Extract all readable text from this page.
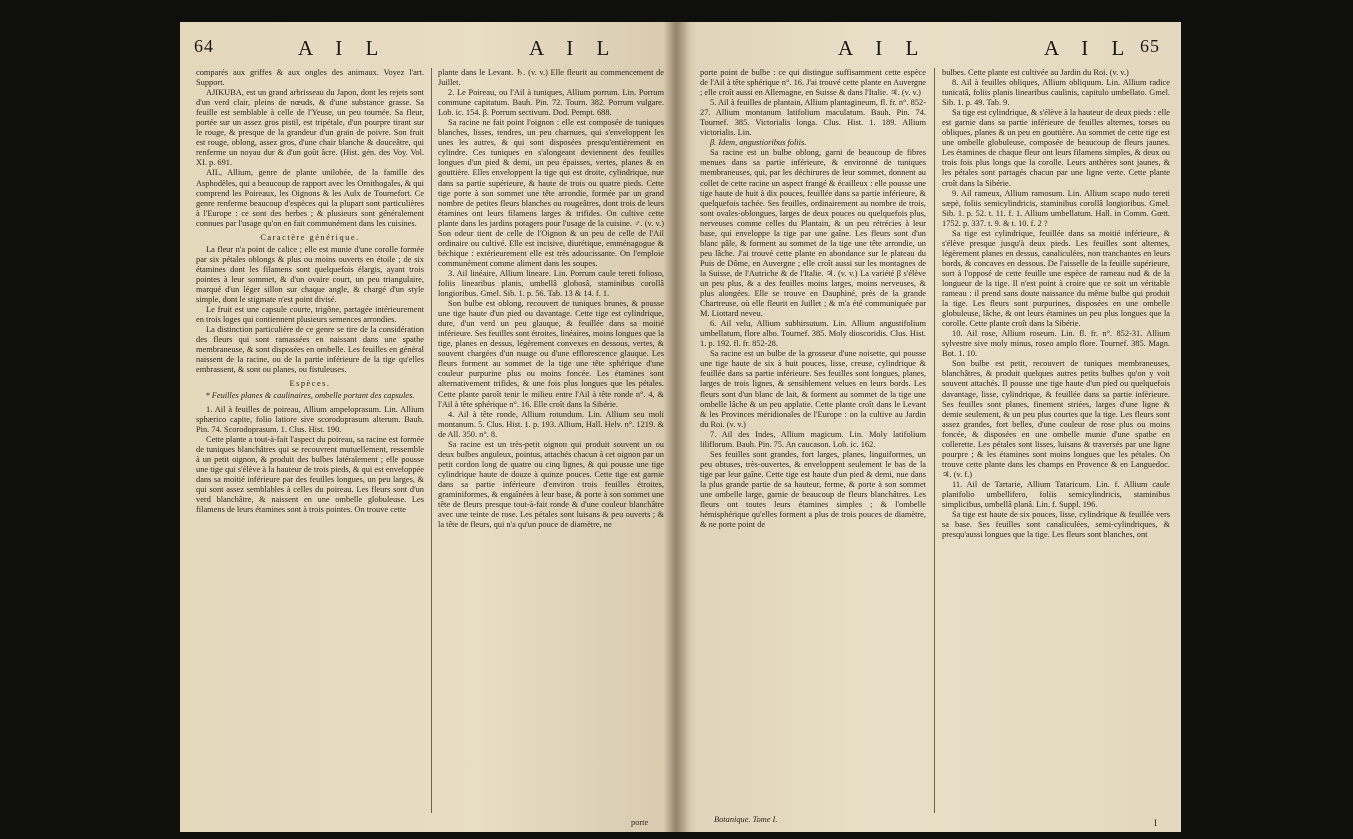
64	A I L	A I L

comparés aux griffes & aux ongles des animaux. Voyez l'art. Support.

AJIKUBA, est un grand arbrisseau du Japon, dont les rejets sont d'un verd clair, pleins de nœuds, & d'une substance grasse. Sa feuille est semblable à celle de l'Yeuse, un peu tournée. Sa fleur, portée sur un assez gros pistil, est tripétale, d'un pourpre tirant sur le rouge, & presque de la grandeur d'un grain de poivre. Son fruit est rouge, oblong, assez gros, d'une chair blanche & douceâtre, qui renferme un noyau dur & d'un goût âcre. (Hist. gén. des Voy. Vol. XI. p. 691.

AIL, Allium, genre de plante unilobée, de la famille des Asphodèles, qui a beaucoup de rapport avec les Ornithogales, & qui comprend les Poireaux, les Oignons & les Aulx de Tournefort. Ce genre renferme beaucoup d'espèces qui la plupart sont particulières à l'Europe : ce sont des herbes ; & plusieurs sont généralement connues par l'usage qu'on en fait communément dans les cuisines.

Caractère générique.

La fleur n'a point de calice ; elle est munie d'une corolle formée par six pétales oblongs & plus ou moins ouverts en étoile ; de six étamines dont les filamens sont quelquefois élargis, ayant trois pointes à leur sommet, & d'un ovaire court, un peu triangulaire, marqué d'un léger sillon sur chaque angle, & chargé d'un style simple, dont le stigmate n'est point divisé.

Le fruit est une capsule courte, trigône, partagée intérieurement en trois loges qui contiennent plusieurs semences arrondies.

La distinction particulière de ce genre se tire de la considération des fleurs qui sont ramassées en naissant dans une spathe membraneuse, & sont disposées en ombelle. Les feuilles en général naissent de la racine, ou de la partie inférieure de la tige qu'elles embrassent, & sont ou planes, ou fistuleuses.

Espèces.

* Feuilles planes & caulinaires, ombelle portant des capsules.

1. Ail à feuilles de poireau, Allium ampeloprasum. Lin. Allium sphærico capite, folio latiore sive scorodoprasum alterum. Bauh. Pin. 74. Scorodoprasum. 1. Clus. Hist. 190.

Cette plante a tout-à-fait l'aspect du poireau, sa racine est formée de tuniques blanchâtres qui se recouvrent mutuellement, ressemble à un petit oignon, & produit des bulbes latéralement ; elle pousse une tige qui s'élève à la hauteur de trois pieds, & qui est enveloppée dans sa moitié inférieure par des feuilles longues, un peu larges, & qui sont assez semblables à celles du poireau. Les fleurs sont d'un verd blanchâtre, & naissent en une ombelle globuleuse. Les filamens de leurs étamines sont à trois pointes. On trouve cette

plante dans le Levant. ♄. (v. v.) Elle fleurit au commencement de Juillet.

2. Le Poireau, ou l'Ail à tuniques, Allium porrum. Lin. Porrum commune capitatum. Bauh. Pin. 72. Tourn. 382. Porrum vulgare. Lob. ic. 154. β. Porrum sectivum. Dod. Pempt. 688.

Sa racine ne fait point l'oignon : elle est composée de tuniques blanches, lisses, tendres, un peu charnues, qui s'enveloppent les unes les autres, & qui sont disposées presqu'entièrement en cylindre. Ces tuniques en s'alongeant deviennent des feuilles longues d'un pied & demi, un peu épaisses, vertes, planes & en gouttière. Elles enveloppent la tige qui est droite, cylindrique, nue dans sa partie supérieure, & haute de trois ou quatre pieds. Cette tige porte à son sommet une tête arrondie, formée par un grand nombre de petites fleurs blanches ou rougeâtres, dont trois de leurs étamines ont leurs filamens larges & trifides. On cultive cette plante dans les jardins potagers pour l'usage de la cuisine. ♂. (v. v.) Son odeur tient de celle de l'Oignon & un peu de celle de l'Ail ordinaire ou cultivé. Elle est incisive, diurétique, emménagogue & béchique : extérieurement elle est très adoucissante. On l'emploie communément comme aliment dans les soupes.

3. Ail linéaire, Allium lineare. Lin. Porrum caule tereti folioso, foliis linearibus planis, umbellâ globosâ, staminibus corollâ longioribus. Gmel. Sib. 1. p. 56. Tab. 13 & 14. f. 1.

Son bulbe est oblong, recouvert de tuniques brunes, & pousse une tige haute d'un pied ou davantage. Cette tige est cylindrique, dure, d'un verd un peu glauque, & feuillée dans sa moitié inférieure. Ses feuilles sont étroites, linéaires, moins longues que la tige, planes en dessus, légèrement convexes en dessous, vertes, & souvent chargées d'un nuage ou d'une efflorescence glauque. Les fleurs forment au sommet de la tige une tête sphérique d'une couleur purpurine plus ou moins foncée. Les étamines sont alternativement trifides, & une fois plus longues que les pétales. Cette plante paroît tenir le milieu entre l'Ail à tête ronde n°. 4, & l'Ail à tête sphérique n°. 16. Elle croît dans la Sibérie.

4. Ail à tête ronde, Allium rotundum. Lin. Allium seu moli montanum. 5. Clus. Hist. 1. p. 193. Allium, Hall. Helv. n°. 1219. & de All. 350. n°. 8.

Sa racine est un très-petit oignon qui produit souvent un ou deux bulbes anguleux, pointus, attachés chacun à cet oignon par un petit cordon long de quatre ou cinq lignes, & qui pousse une tige cylindrique haute de douze à quinze pouces. Cette tige est garnie dans sa partie inférieure d'environ trois feuilles étroites, graminiformes, & engaînées à leur base, & porte à son sommet une tête de fleurs presque tout-à-fait ronde & d'une couleur blanchâtre avec une teinte de rose. Les pétales sont luisans & peu ouverts ; & la tête de fleurs, qui n'a qu'un pouce de diamètre, ne

porte
A I L	A I L 65

porte point de bulbe : ce qui distingue suffisamment cette espèce de l'Ail à tête sphérique n°. 16. J'ai trouvé cette plante en Auvergne ; elle croît aussi en Allemagne, en Suisse & dans l'Italie. ♃. (v. v.)

5. Ail à feuilles de plantain, Allium plantagineum, fl. fr. n°. 852-27. Allium montanum latifolium maculatum. Bauh. Pin. 74. Tournef. 385. Victorialis longa. Clus. Hist. 1. 189. Allium victorialis. Lin.

β. Idem, angustioribus foliis.

Sa racine est un bulbe oblong, garni de beaucoup de fibres menues dans sa partie inférieure, & environné de tuniques membraneuses, qui, par les déchirures de leur sommet, donnent au collet de cette racine un aspect frangé & écailleux : elle pousse une tige haute de huit à dix pouces, feuillée dans sa partie inférieure, & quelquefois tachée. Ses feuilles, ordinairement au nombre de trois, sont ovales-oblongues, larges de deux pouces ou quelquefois plus, nerveuses comme celles du Plantain, & un peu rétrécies à leur base, qui enveloppe la tige par une gaîne. Les fleurs sont d'un blanc pâle, & forment au sommet de la tige une tête arrondie, un peu lâche. J'ai trouvé cette plante en abondance sur le plateau du Puis de Dôme, en Auvergne ; elle croît aussi sur les montagnes de la Suisse, de l'Autriche & de l'Italie. ♃. (v. v.) La variété β s'élève un peu plus, & a des feuilles moins larges, moins nerveuses, & plus alongées. Elle se trouve en Dauphiné, près de la grande Chartreuse, où elle fleurit en Juillet ; & m'a été communiquée par M. Liottard neveu.

6. Ail velu, Allium subhirsutum. Lin. Allium angustifolium umbellatum, flore albo. Tournef. 385. Moly dioscoridis. Clus. Hist. 1. p. 192. fl. fr. 852-28.

Sa racine est un bulbe de la grosseur d'une noisette, qui pousse une tige haute de six à huit pouces, lisse, creuse, cylindrique & feuillée dans sa partie inférieure. Ses feuilles sont longues, planes, larges de trois lignes, & sensiblement velues en leurs bords. Les fleurs sont d'un blanc de lait, & forment au sommet de la tige une ombelle lâche & un peu applatie. Cette plante croît dans le Levant & les Provinces méridionales de l'Europe : on la cultive au Jardin du Roi. (v. v.)

7. Ail des Indes, Allium magicum. Lin. Moly latifolium liliflorum. Bauh. Pin. 75. An caucason. Lob. ic. 162.

Ses feuilles sont grandes, fort larges, planes, linguiformes, un peu obtuses, très-ouvertes, & enveloppent seulement le bas de la tige par leur gaîne. Cette tige est haute d'un pied & demi, nue dans la plus grande partie de sa hauteur, ferme, & porte à son sommet une ombelle large, garnie de beaucoup de fleurs blanchâtres. Les fleurs ont toutes leurs étamines simples ; & l'ombelle hémisphérique qu'elles forment a plus de trois pouces de diamètre, & ne porte point de

Botanique. Tome I.

bulbes. Cette plante est cultivée au Jardin du Roi. (v. v.)

8. Ail à feuilles obliques, Allium obliquum. Lin. Allium radice tunicatâ, foliis planis linearibus caulinis, capitulo umbellato. Gmel. Sib. 1. p. 49. Tab. 9.

Sa tige est cylindrique, & s'élève à la hauteur de deux pieds : elle est garnie dans sa partie inférieure de feuilles alternes, torses ou obliques, planes & un peu en gouttière. Au sommet de cette tige est une ombelle globuleuse, composée de beaucoup de fleurs jaunes. Les étamines de chaque fleur ont leurs filamens simples, & deux ou trois fois plus longs que la corolle. Leurs anthères sont jaunes, & les pétales sont partagés chacun par une ligne verte. Cette plante croît dans la Sibérie.

9. Ail rameux, Allium ramosum. Lin. Allium scapo nudo tereti sæpè, foliis semicylindricis, staminibus corollâ longioribus. Gmel. Sib. 1. p. 52. t. 11. f. 1. Allium umbellatum. Hall. in Comm. Gœtt. 1752. p. 337. t. 9. & t. 10. f. 2 ?

Sa tige est cylindrique, feuillée dans sa moitié inférieure, & s'élève presque jusqu'à deux pieds. Les feuilles sont alternes, légèrement planes en dessus, canaliculées, non tranchantes en leurs bords, & concaves en dessous. De l'aisselle de la feuille supérieure, sort à l'opposé de cette feuille une espèce de rameau nud & de la longueur de la tige. Il n'est point à croire que ce soit un véritable rameau : il prend sans doute naissance du même bulbe qui produit la tige. Les fleurs sont purpurines, disposées en une ombelle globuleuse, lâche, & ont leurs étamines un peu plus longues que la corolle. Cette plante croît dans la Sibérie.

10. Ail rose, Allium roseum. Lin. fl. fr. n°. 852-31. Allium sylvestre sive moly minus, roseo amplo flore. Tournef. 385. Magn. Bot. 1. 10.

Son bulbe est petit, recouvert de tuniques membraneuses, blanchâtres, & produit quelques autres petits bulbes qu'on y voit souvent attachés. Il pousse une tige haute d'un pied ou quelquefois davantage, lisse, cylindrique, & feuillée dans sa partie inférieure. Ses feuilles sont planes, finement striées, larges d'une ligne & demie seulement, & un peu plus courtes que la tige. Les fleurs sont assez grandes, fort belles, d'une couleur de rose plus ou moins foncée, & disposées en une ombelle munie d'une spathe en collerette. Les pétales sont lisses, luisans & traversés par une ligne pourpre ; & les étamines sont moins longues que les pétales. On trouve cette plante dans les champs en Provence & en Languedoc. ♃. (v. f.)

11. Ail de Tartarie, Allium Tataricum. Lin. f. Allium caule planifolio umbellifero, foliis semicylindricis, staminibus simplicibus, umbellâ planâ. Lin. f. Suppl. 196.

Sa tige est haute de six pouces, lisse, cylindrique & feuillée vers sa base. Ses feuilles sont canaliculées, semi-cylindriques, & presqu'aussi longues que la tige. Les fleurs sont blanches, ont

I
